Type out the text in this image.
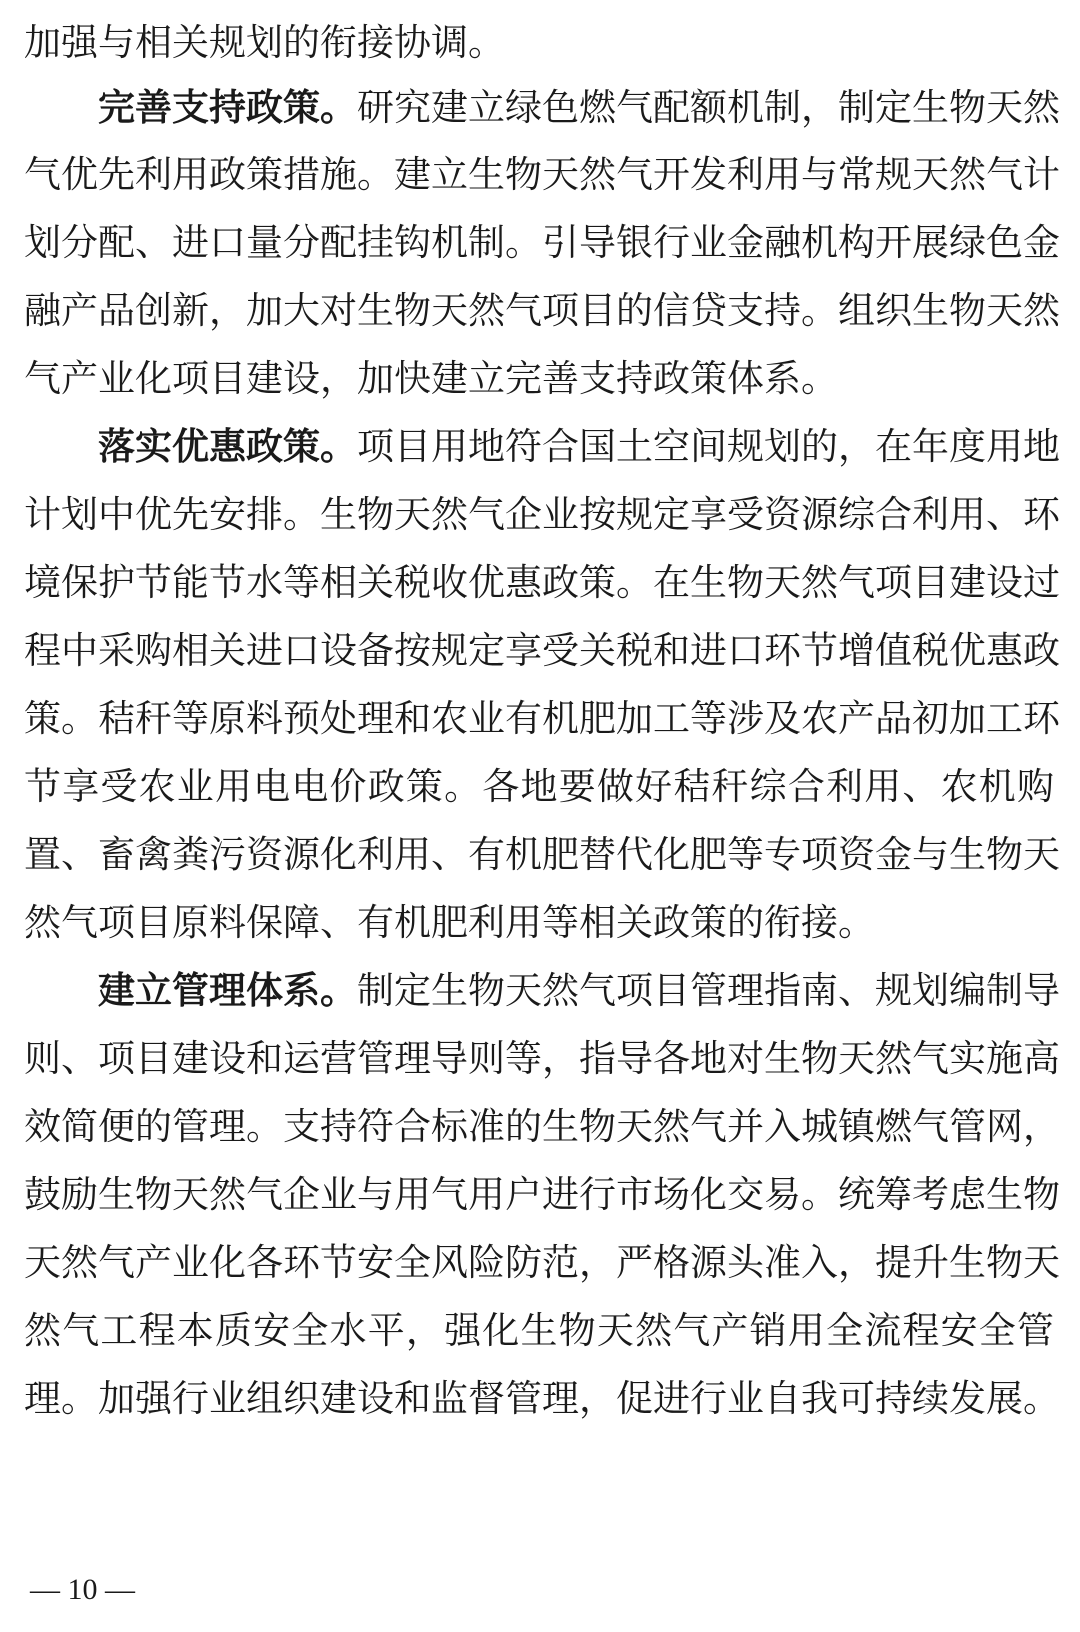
加强与相关规划的衔接协调。
完善支持政策。研究建立绿色燃气配额机制，制定生物天然
气优先利用政策措施。建立生物天然气开发利用与常规天然气计
划分配、进口量分配挂钩机制。引导银行业金融机构开展绿色金
融产品创新，加大对生物天然气项目的信贷支持。组织生物天然
气产业化项目建设，加快建立完善支持政策体系。
落实优惠政策。项目用地符合国土空间规划的，在年度用地
计划中优先安排。生物天然气企业按规定享受资源综合利用、环
境保护节能节水等相关税收优惠政策。在生物天然气项目建设过
程中采购相关进口设备按规定享受关税和进口环节增值税优惠政
策。秸秆等原料预处理和农业有机肥加工等涉及农产品初加工环
节享受农业用电电价政策。各地要做好秸秆综合利用、农机购
置、畜禽粪污资源化利用、有机肥替代化肥等专项资金与生物天
然气项目原料保障、有机肥利用等相关政策的衔接。
建立管理体系。制定生物天然气项目管理指南、规划编制导
则、项目建设和运营管理导则等，指导各地对生物天然气实施高
效简便的管理。支持符合标准的生物天然气并入城镇燃气管网，
鼓励生物天然气企业与用气用户进行市场化交易。统筹考虑生物
天然气产业化各环节安全风险防范，严格源头准入，提升生物天
然气工程本质安全水平，强化生物天然气产销用全流程安全管
理。加强行业组织建设和监督管理，促进行业自我可持续发展。
— 10 —
